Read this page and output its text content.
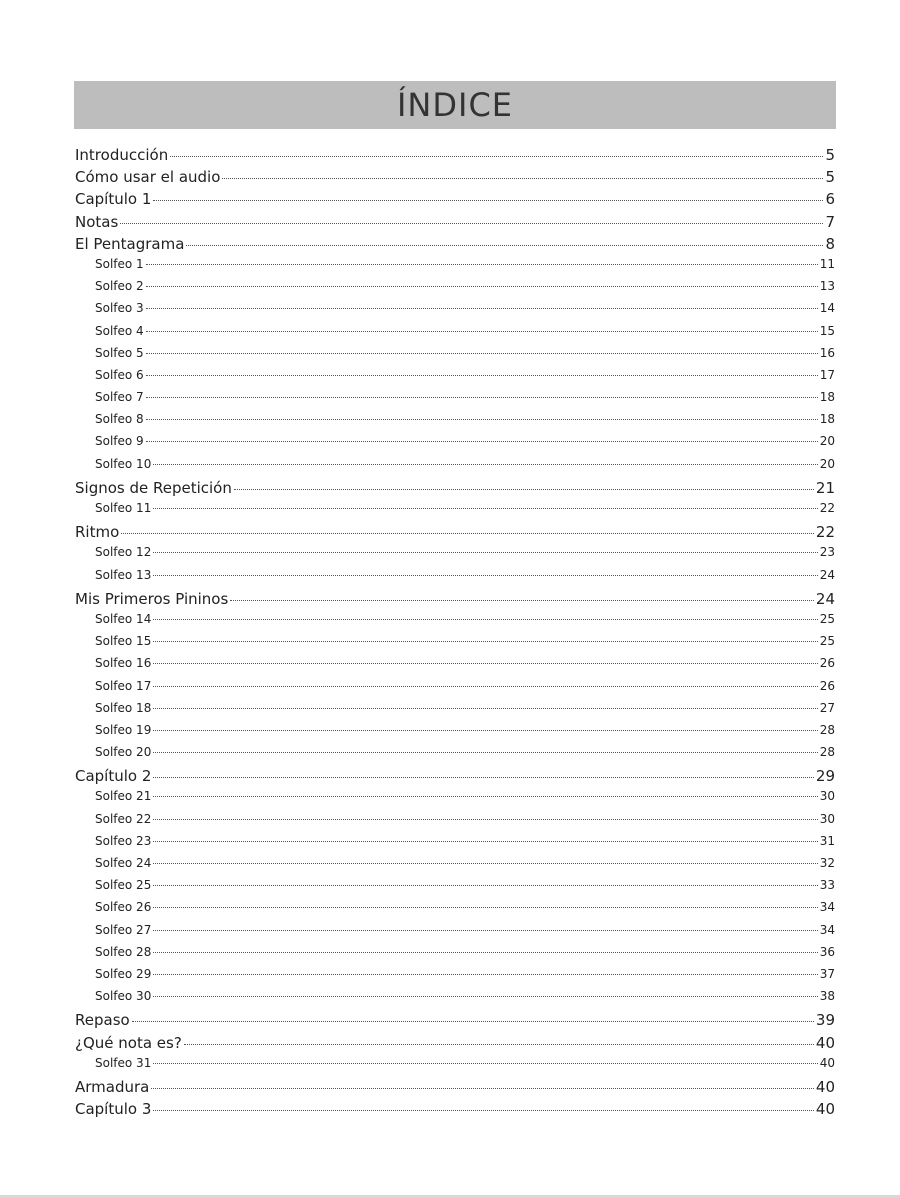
ÍNDICE
Introducción	5
Cómo usar el audio	5
Capítulo 1	6
Notas	7
El Pentagrama	8
Solfeo 1	11
Solfeo 2	13
Solfeo 3	14
Solfeo 4	15
Solfeo 5	16
Solfeo 6	17
Solfeo 7	18
Solfeo 8	18
Solfeo 9	20
Solfeo 10	20
Signos de Repetición	21
Solfeo 11	22
Ritmo	22
Solfeo 12	23
Solfeo 13	24
Mis Primeros Pininos	24
Solfeo 14	25
Solfeo 15	25
Solfeo 16	26
Solfeo 17	26
Solfeo 18	27
Solfeo 19	28
Solfeo 20	28
Capítulo 2	29
Solfeo 21	30
Solfeo 22	30
Solfeo 23	31
Solfeo 24	32
Solfeo 25	33
Solfeo 26	34
Solfeo 27	34
Solfeo 28	36
Solfeo 29	37
Solfeo 30	38
Repaso	39
¿Qué nota es?	40
Solfeo 31	40
Armadura	40
Capítulo 3	40
